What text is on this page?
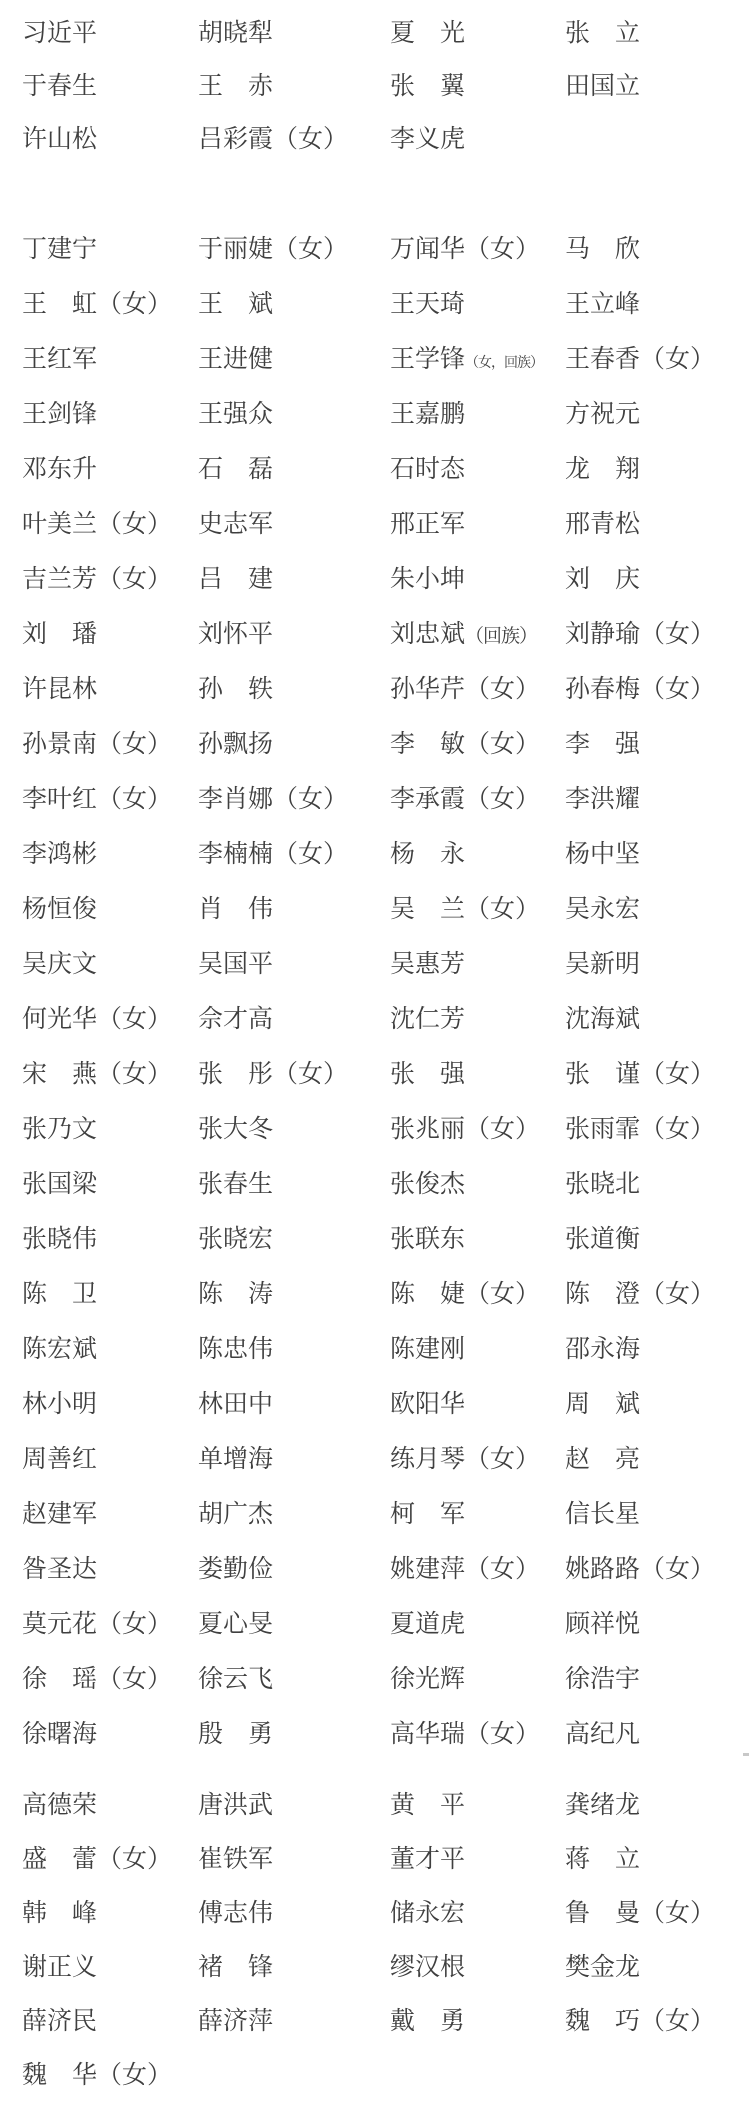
习近平	胡晓犁	夏　光	张　立
于春生	王　赤	张　翼	田国立
许山松	吕彩霞（女）	李义虎
丁建宁	于丽婕（女）	万闻华（女） 马　欣
王　虹（女）	王　斌	王天琦	王立峰
王红军	王进健	王学锋（女，回族） 王春香（女）
王剑锋	王强众	王嘉鹏	方祝元
邓东升	石　磊	石时态	龙　翔
叶美兰（女）	史志军	邢正军	邢青松
吉兰芳（女）	吕　建	朱小坤	刘　庆
刘　璠	刘怀平	刘忠斌（回族）	刘静瑜（女）
许昆林	孙　轶	孙华芹（女） 孙春梅（女）
孙景南（女）	孙飘扬	李　敏（女） 李　强
李叶红（女）	李肖娜（女）	李承霞（女） 李洪耀
李鸿彬	李楠楠（女）	杨　永	杨中坚
杨恒俊	肖　伟	吴　兰（女） 吴永宏
吴庆文	吴国平	吴惠芳	吴新明
何光华（女）	佘才高	沈仁芳	沈海斌
宋　燕（女）	张　彤（女）	张　强	张　谨（女）
张乃文	张大冬	张兆丽（女） 张雨霏（女）
张国梁	张春生	张俊杰	张晓北
张晓伟	张晓宏	张联东	张道衡
陈　卫	陈　涛	陈　婕（女） 陈　澄（女）
陈宏斌	陈忠伟	陈建刚	邵永海
林小明	林田中	欧阳华	周　斌
周善红	单增海	练月琴（女） 赵　亮
赵建军	胡广杰	柯　军	信长星
昝圣达	娄勤俭	姚建萍（女） 姚路路（女）
莫元花（女）	夏心旻	夏道虎	顾祥悦
徐　瑶（女）	徐云飞	徐光辉	徐浩宇
徐曙海	殷　勇	高华瑞（女） 高纪凡
高德荣	唐洪武	黄　平	龚绪龙
盛　蕾（女）	崔铁军	董才平	蒋　立
韩　峰	傅志伟	储永宏	鲁　曼（女）
谢正义	褚　锋	缪汉根	樊金龙
薛济民	薛济萍	戴　勇	魏　巧（女）
魏　华（女）
